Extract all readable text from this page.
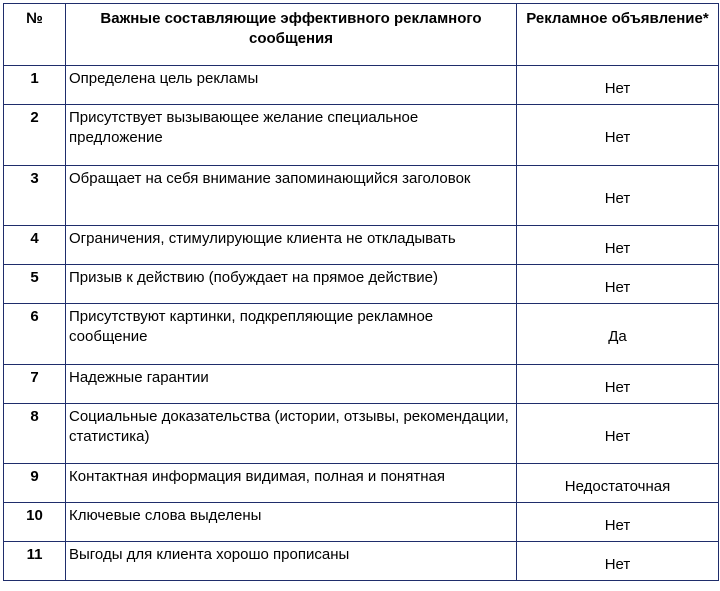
№	Важные составляющие эффективного рекламного сообщения	Рекламное объявление*
1	Определена цель рекламы	Нет
2	Присутствует вызывающее желание специальное предложение	Нет
3	Обращает на себя внимание запоминающийся заголовок	Нет
4	Ограничения, стимулирующие клиента не откладывать	Нет
5	Призыв к действию (побуждает на прямое действие)	Нет
6	Присутствуют картинки, подкрепляющие рекламное сообщение	Да
7	Надежные гарантии	Нет
8	Социальные доказательства (истории, отзывы, рекомендации, статистика)	Нет
9	Контактная информация видимая, полная и понятная	Недостаточная
10	Ключевые слова выделены	Нет
11	Выгоды для клиента хорошо прописаны	Нет
